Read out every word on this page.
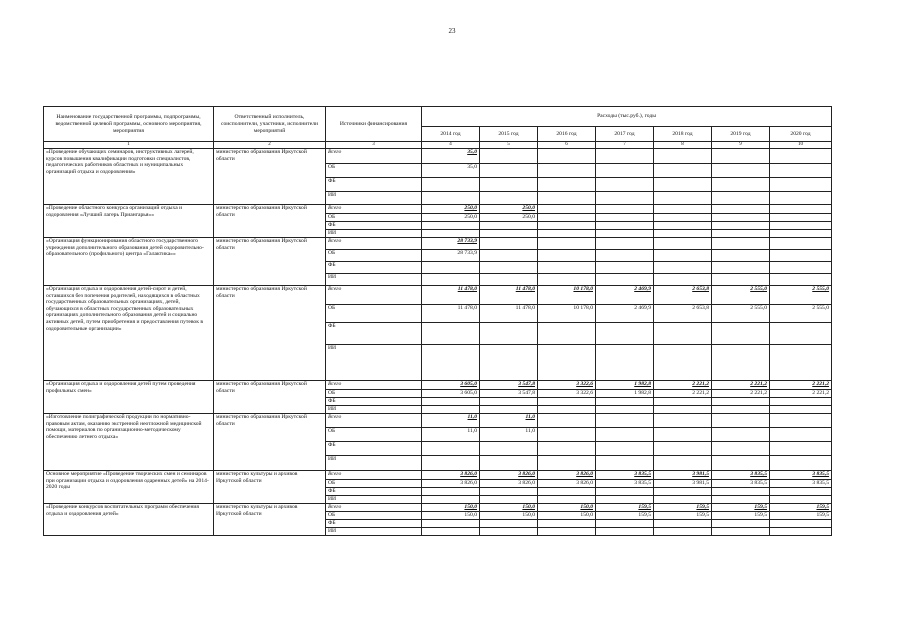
23
Наименование государственной программы, подпрограммы, ведомственной целевой программы, основного мероприятия, мероприятия	Ответственный исполнитель, соисполнители, участники, исполнители мероприятий	Источники финансирования	Расходы (тыс.руб.), годы						
			2014 год	2015 год	2016 год	2017 год	2018 год	2019 год	2020 год
1	2	3	4	5	6	7	8	9	10
«Проведение обучающих семинаров, инструктивных лагерей, курсов повышения квалификации подготовки специалистов, педагогических работников областных и муниципальных организаций отдыха и оздоровления»	министерство образования Иркутской области	Всего	35,0						
		ОБ	35,0						
		ФБ							
		ИИ							
«Проведение областного конкурса организаций отдыха и оздоровления «Лучший лагерь Приангарья»»	министерство образования Иркутской области	Всего	250,0	250,0					
		ОБ	250,0	250,0					
		ФБ							
		ИИ							
«Организация функционирования областного государственного учреждения дополнительного образования детей оздоровительно-образовательного (профильного) центра «Галактика»»	министерство образования Иркутской области	Всего	28 733,9						
		ОБ	28 733,9						
		ФБ							
		ИИ							
«Организация отдыха и оздоровления детей-сирот и детей, оставшихся без попечения родителей, находящихся в областных государственных образовательных организациях, детей, обучающихся в областных государственных образовательных организациях дополнительного образования детей и социально активных детей, путем приобретения и предоставления путевок в оздоровительные организации»	министерство образования Иркутской области	Всего	11 478,0	11 478,0	10 178,0	2 469,9	2 653,8	2 555,0	2 555,0
		ОБ	11 478,0	11 478,0	10 178,0	2 469,9	2 653,8	2 555,0	2 555,0
		ФБ							
		ИИ							
«Организация отдыха и оздоровления детей путем проведения профильных смен»	министерство образования Иркутской области	Всего	3 605,0	3 547,8	3 322,6	1 982,8	2 221,2	2 221,2	2 221,2
		ОБ	3 605,0	3 547,8	3 322,6	1 982,8	2 221,2	2 221,2	2 221,2
		ФБ							
		ИИ							
«Изготовление полиграфической продукции по нормативно-правовым актам, оказанию экстренной неотложной медицинской помощи, материалов по организационно-методическому обеспечению летнего отдыха»	министерство образования Иркутской области	Всего	11,0	11,0					
		ОБ	11,0	11,0					
		ФБ							
		ИИ							
Основное мероприятие «Проведение творческих смен и семинаров при организации отдыха и оздоровления одаренных детей» на 2014-2020 годы	министерство культуры и архивов Иркутской области	Всего	3 826,0	3 826,0	3 826,0	3 835,5	3 981,5	3 835,5	3 835,5
		ОБ	3 826,0	3 826,0	3 826,0	3 835,5	3 981,5	3 835,5	3 835,5
		ФБ							
		ИИ							
«Проведение конкурсов воспитательных программ обеспечения отдыха и оздоровления детей»	министерство культуры и архивов Иркутской области	Всего	150,0	150,0	150,0	159,5	159,5	159,5	159,5
		ОБ	150,0	150,0	150,0	159,5	159,5	159,5	159,5
		ФБ							
		ИИ							
